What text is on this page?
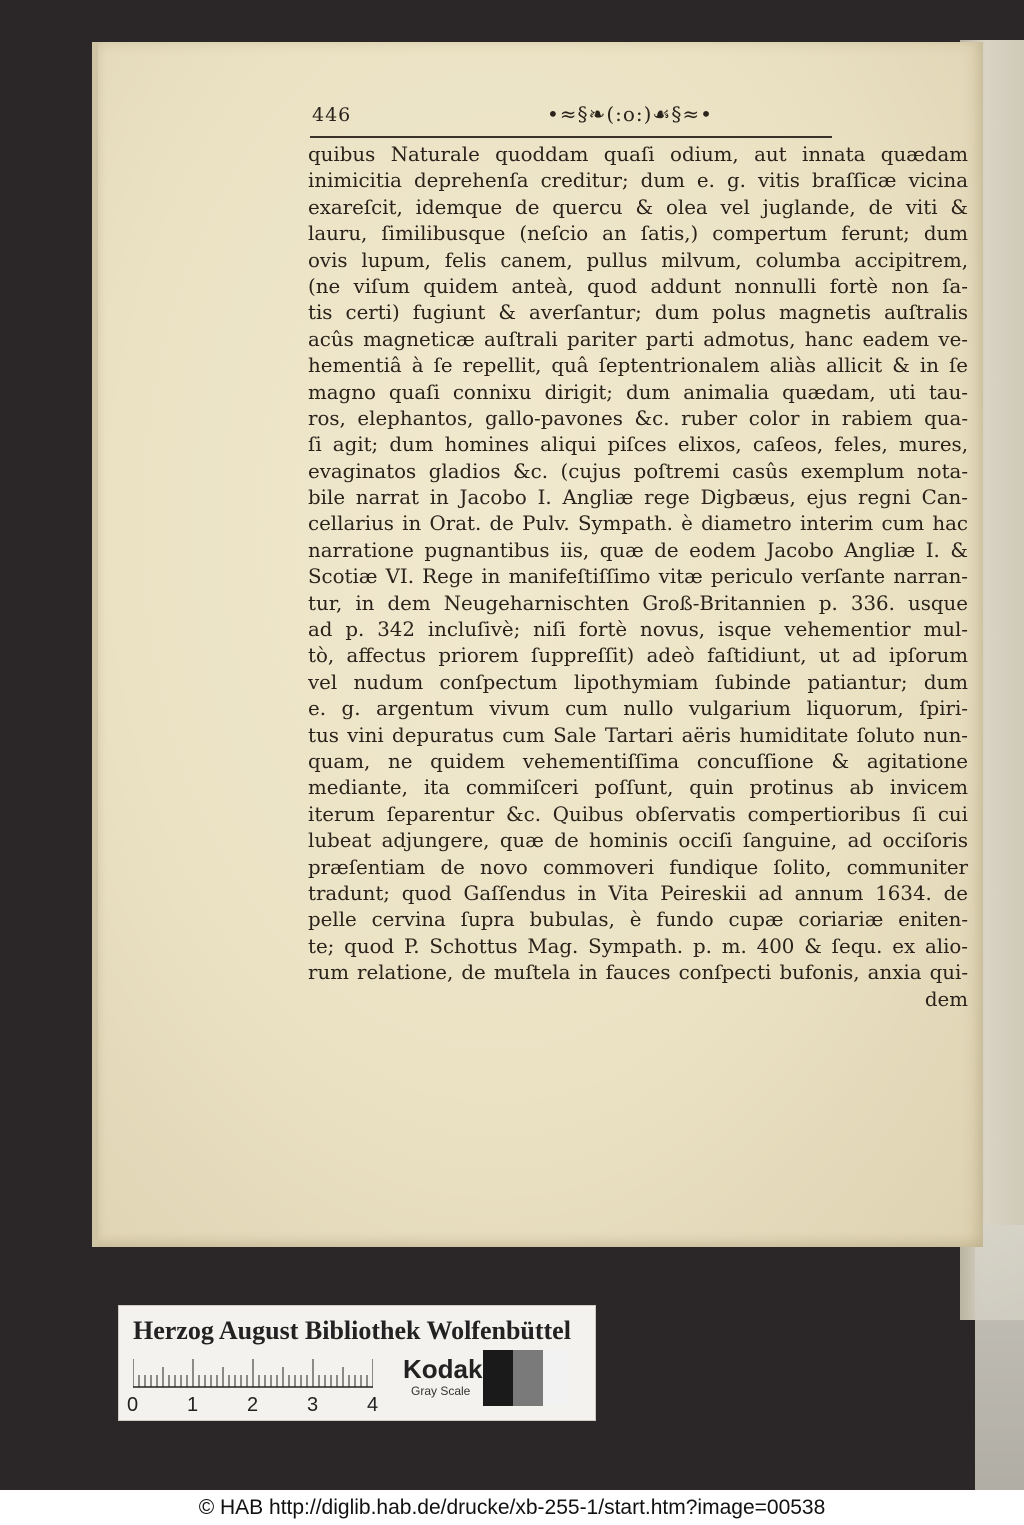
446	•≈§❧(:o:)☙§≈•
quibus Naturale quoddam quaſi odium, aut innata quædam
inimicitia deprehenſa creditur; dum e. g. vitis braſſicæ vicina
exareſcit, idemque de quercu & olea vel juglande, de viti &
lauru, ſimilibusque (neſcio an ſatis,) compertum ferunt; dum
ovis lupum, felis canem, pullus milvum, columba accipitrem,
(ne viſum quidem anteà, quod addunt nonnulli fortè non ſa-
tis certi) fugiunt & averſantur; dum polus magnetis auſtralis
acûs magneticæ auſtrali pariter parti admotus, hanc eadem ve-
hementiâ à ſe repellit, quâ ſeptentrionalem aliàs allicit & in ſe
magno quaſi connixu dirigit; dum animalia quædam, uti tau-
ros, elephantos, gallo-pavones &c. ruber color in rabiem qua-
ſi agit; dum homines aliqui piſces elixos, caſeos, feles, mures,
evaginatos gladios &c. (cujus poſtremi casûs exemplum nota-
bile narrat in Jacobo I. Angliæ rege Digbæus, ejus regni Can-
cellarius in Orat. de Pulv. Sympath. è diametro interim cum hac
narratione pugnantibus iis, quæ de eodem Jacobo Angliæ I. &
Scotiæ VI. Rege in manifeſtiſſimo vitæ periculo verſante narran-
tur, in dem Neugeharnischten Groß-Britannien p. 336. usque
ad p. 342 incluſivè; niſi fortè novus, isque vehementior mul-
tò, affectus priorem ſuppreſſit) adeò faſtidiunt, ut ad ipſorum
vel nudum conſpectum lipothymiam ſubinde patiantur; dum
e. g. argentum vivum cum nullo vulgarium liquorum, ſpiri-
tus vini depuratus cum Sale Tartari aëris humiditate ſoluto nun-
quam, ne quidem vehementiſſima concuſſione & agitatione
mediante, ita commiſceri poſſunt, quin protinus ab invicem
iterum ſeparentur &c. Quibus obſervatis compertioribus ſi cui
lubeat adjungere, quæ de hominis occiſi ſanguine, ad occiſoris
præſentiam de novo commoveri fundique ſolito, communiter
tradunt; quod Gaſſendus in Vita Peireskii ad annum 1634. de
pelle cervina ſupra bubulas, è fundo cupæ coriariæ eniten-
te; quod P. Schottus Mag. Sympath. p. m. 400 & ſequ. ex alio-
rum relatione, de muſtela in fauces conſpecti bufonis, anxia qui-
dem
Herzog August Bibliothek Wolfenbüttel
0 1 2 3 4
Kodak
Gray Scale
© HAB http://diglib.hab.de/drucke/xb-255-1/start.htm?image=00538
